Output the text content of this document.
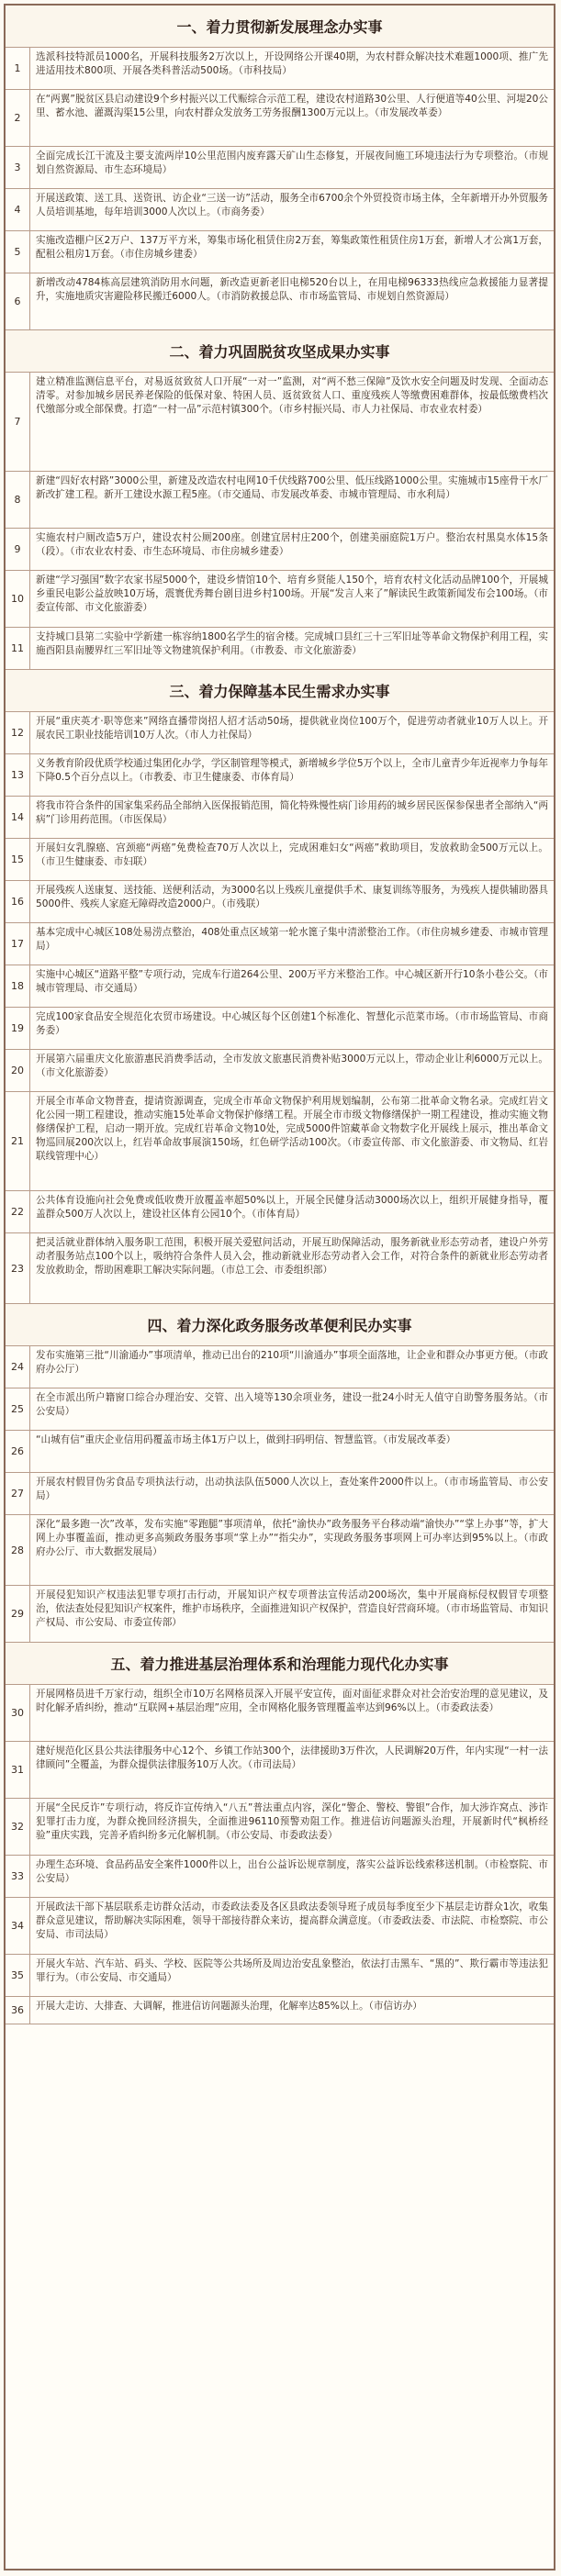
一、着力贯彻新发展理念办实事
1
选派科技特派员1000名，开展科技服务2万次以上，开设网络公开课40期，为农村群众解决技术难题1000项、推广先进适用技术800项、开展各类科普活动500场。（市科技局）
2
在“两翼”脱贫区县启动建设9个乡村振兴以工代赈综合示范工程，建设农村道路30公里、人行便道等40公里、河堤20公里、蓄水池、灌溉沟渠15公里，向农村群众发放务工劳务报酬1300万元以上。（市发展改革委）
3
全面完成长江干流及主要支流两岸10公里范围内废弃露天矿山生态修复，开展夜间施工环境违法行为专项整治。（市规划自然资源局、市生态环境局）
4
开展送政策、送工具、送资讯、访企业“三送一访”活动，服务全市6700余个外贸投资市场主体，全年新增开办外贸服务人员培训基地，每年培训3000人次以上。（市商务委）
5
实施改造棚户区2万户、137万平方米，筹集市场化租赁住房2万套，筹集政策性租赁住房1万套，新增人才公寓1万套，配租公租房1万套。（市住房城乡建委）
6
新增改动4784栋高层建筑消防用水问题，新改造更新老旧电梯520台以上，在用电梯96333热线应急救援能力显著提升，实施地质灾害避险移民搬迁6000人。（市消防救援总队、市市场监管局、市规划自然资源局）
二、着力巩固脱贫攻坚成果办实事
7
建立精准监测信息平台，对易返贫致贫人口开展“一对一”监测，对“两不愁三保障”及饮水安全问题及时发现、全面动态清零。对参加城乡居民养老保险的低保对象、特困人员、返贫致贫人口、重度残疾人等缴费困难群体，按最低缴费档次代缴部分或全部保费。打造“一村一品”示范村镇300个。（市乡村振兴局、市人力社保局、市农业农村委）
8
新建“四好农村路”3000公里，新建及改造农村电网10千伏线路700公里、低压线路1000公里。实施城市15座骨干水厂新改扩建工程。新开工建设水源工程5座。（市交通局、市发展改革委、市城市管理局、市水利局）
9
实施农村户厕改造5万户，建设农村公厕200座。创建宜居村庄200个，创建美丽庭院1万户。整治农村黑臭水体15条（段）。（市农业农村委、市生态环境局、市住房城乡建委）
10
新建“学习强国”数字农家书屋5000个，建设乡情馆10个、培育乡贤能人150个，培育农村文化活动品牌100个，开展城乡重民电影公益放映10万场，震寰优秀舞台剧目进乡村100场。开展“发言人来了”解读民生政策新闻发布会100场。（市委宣传部、市文化旅游委）
11
支持城口县第二实验中学新建一栋容纳1800名学生的宿舍楼。完成城口县红三十三军旧址等革命文物保护利用工程，实施酉阳县南腰界红三军旧址等文物建筑保护利用。（市教委、市文化旅游委）
三、着力保障基本民生需求办实事
12
开展“重庆英才·职等您来”网络直播带岗招人招才活动50场，提供就业岗位100万个，促进劳动者就业10万人以上。开展农民工职业技能培训10万人次。（市人力社保局）
13
义务教育阶段优质学校通过集团化办学，学区制管理等模式，新增城乡学位5万个以上，全市儿童青少年近视率力争每年下降0.5个百分点以上。（市教委、市卫生健康委、市体育局）
14
将我市符合条件的国家集采药品全部纳入医保报销范围，简化特殊慢性病门诊用药的城乡居民医保参保患者全部纳入“两病”门诊用药范围。（市医保局）
15
开展妇女乳腺癌、宫颈癌“两癌”免费检查70万人次以上，完成困难妇女“两癌”救助项目，发放救助金500万元以上。（市卫生健康委、市妇联）
16
开展残疾人送康复、送技能、送便利活动，为3000名以上残疾儿童提供手术、康复训练等服务，为残疾人提供辅助器具5000件、残疾人家庭无障碍改造2000户。（市残联）
17
基本完成中心城区108处易涝点整治，408处重点区域第一轮水篦子集中清淤整治工作。（市住房城乡建委、市城市管理局）
18
实施中心城区“道路平整”专项行动，完成车行道264公里、200万平方米整治工作。中心城区新开行10条小巷公交。（市城市管理局、市交通局）
19
完成100家食品安全规范化农贸市场建设。中心城区每个区创建1个标准化、智慧化示范菜市场。（市市场监管局、市商务委）
20
开展第六届重庆文化旅游惠民消费季活动，全市发放文旅惠民消费补贴3000万元以上，带动企业让利6000万元以上。（市文化旅游委）
21
开展全市革命文物普查，提请资源调查，完成全市革命文物保护利用规划编制，公布第二批革命文物名录。完成红岩文化公园一期工程建设，推动实施15处革命文物保护修缮工程。开展全市市级文物修缮保护一期工程建设，推动实施文物修缮保护工程，启动一期开放。完成红岩革命文物10处，完成5000件馆藏革命文物数字化开展线上展示，推出革命文物巡回展200次以上，红岩革命故事展演150场，红色研学活动100次。（市委宣传部、市文化旅游委、市文物局、红岩联线管理中心）
22
公共体育设施向社会免费或低收费开放覆盖率超50%以上，开展全民健身活动3000场次以上，组织开展健身指导，覆盖群众500万人次以上，建设社区体育公园10个。（市体育局）
23
把灵活就业群体纳入服务职工范围，积极开展关爱慰问活动，开展互助保障活动，服务新就业形态劳动者，建设户外劳动者服务站点100个以上，吸纳符合条件人员入会，推动新就业形态劳动者入会工作，对符合条件的新就业形态劳动者发放救助金，帮助困难职工解决实际问题。（市总工会、市委组织部）
四、着力深化政务服务改革便利民办实事
24
发布实施第三批“川渝通办”事项清单，推动已出台的210项“川渝通办”事项全面落地，让企业和群众办事更方便。（市政府办公厅）
25
在全市派出所户籍窗口综合办理治安、交管、出入境等130余项业务，建设一批24小时无人值守自助警务服务站。（市公安局）
26
“山城有信”重庆企业信用码覆盖市场主体1万户以上，做到扫码明信、智慧监管。（市发展改革委）
27
开展农村假冒伪劣食品专项执法行动，出动执法队伍5000人次以上，查处案件2000件以上。（市市场监管局、市公安局）
28
深化“最多跑一次”改革，发布实施“零跑腿”事项清单，依托“渝快办”政务服务平台移动端“渝快办”“掌上办事”等，扩大网上办事覆盖面，推动更多高频政务服务事项“掌上办”“指尖办”，实现政务服务事项网上可办率达到95%以上。（市政府办公厅、市大数据发展局）
29
开展侵犯知识产权违法犯罪专项打击行动，开展知识产权专项普法宣传活动200场次，集中开展商标侵权假冒专项整治，依法查处侵犯知识产权案件，维护市场秩序，全面推进知识产权保护，营造良好营商环境。（市市场监管局、市知识产权局、市公安局、市委宣传部）
五、着力推进基层治理体系和治理能力现代化办实事
30
开展网格员进千万家行动，组织全市10万名网格员深入开展平安宣传，面对面征求群众对社会治安治理的意见建议，及时化解矛盾纠纷，推动“互联网+基层治理”应用，全市网格化服务管理覆盖率达到96%以上。（市委政法委）
31
建好规范化区县公共法律服务中心12个、乡镇工作站300个，法律援助3万件次，人民调解20万件，年内实现“一村一法律顾问”全覆盖，为群众提供法律服务10万人次。（市司法局）
32
开展“全民反诈”专项行动，将反诈宣传纳入“八五”普法重点内容，深化“警企、警校、警银”合作，加大涉诈窝点、涉诈犯罪打击力度，为群众挽回经济损失，全面推进96110预警劝阻工作。推进信访问题源头治理，开展新时代“枫桥经验”重庆实践，完善矛盾纠纷多元化解机制。（市公安局、市委政法委）
33
办理生态环境、食品药品安全案件1000件以上，出台公益诉讼规章制度，落实公益诉讼线索移送机制。（市检察院、市公安局）
34
开展政法干部下基层联系走访群众活动，市委政法委及各区县政法委领导班子成员每季度至少下基层走访群众1次，收集群众意见建议，帮助解决实际困难，领导干部接待群众来访，提高群众满意度。（市委政法委、市法院、市检察院、市公安局、市司法局）
35
开展火车站、汽车站、码头、学校、医院等公共场所及周边治安乱象整治，依法打击黑车、“黑的”、欺行霸市等违法犯罪行为。（市公安局、市交通局）
36	开展大走访、大排查、大调解，推进信访问题源头治理，化解率达85%以上。（市信访办）
